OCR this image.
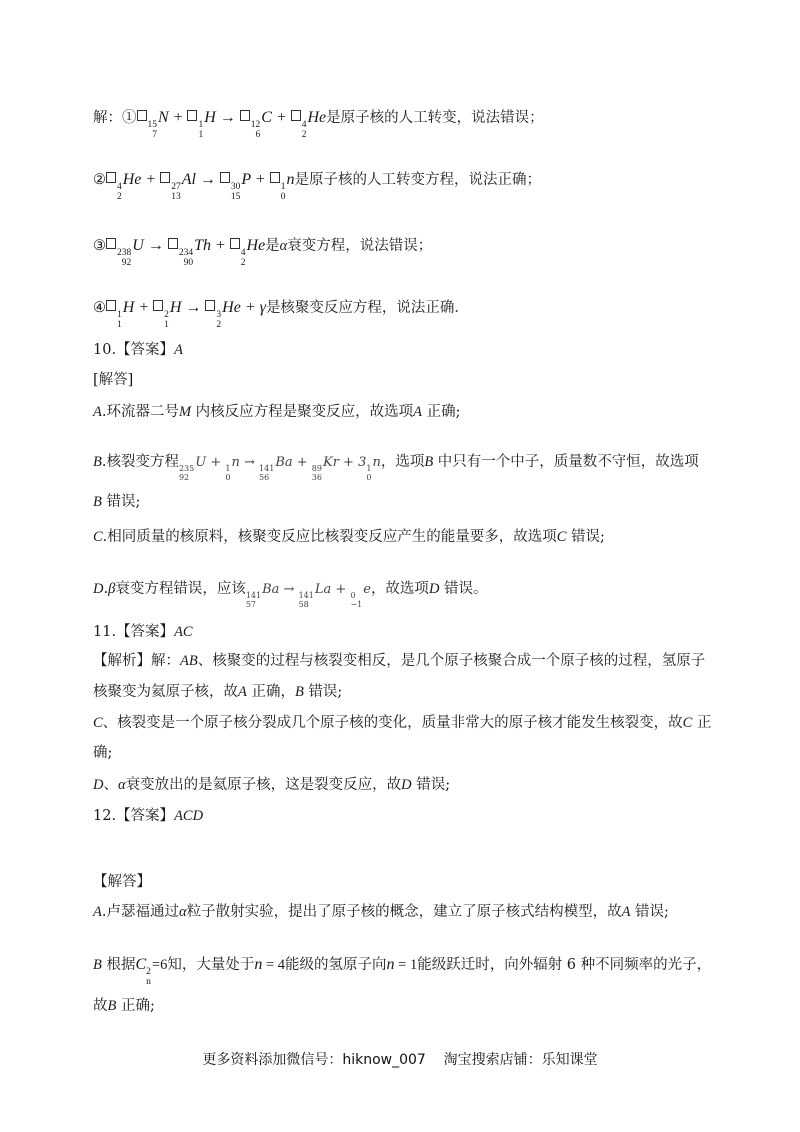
解：① 15
7
N + 1
1
H → 12
6
C + 4
2
He是原子核的人工转变，说法错误；
② 4
2
He + 27
13
Al → 30
15
P + 1
0
n是原子核的人工转变方程，说法正确；
③ 238
92
U → 234
90
Th + 4
2
He是α衰变方程，说法错误；
④ 1
1
H + 2
1
H → 3
2
He + γ是核聚变反应方程，说法正确．
10.【答案】A
[解答]
A.环流器二号M 内核反应方程是聚变反应，故选项A 正确;
B.核裂变方程 235
92
U + 1
0
n → 141
56
Ba + 89
36
Kr + 3 1
0
n，选项B 中只有一个中子，质量数不守恒，故选项
B 错误;
C.相同质量的核原料，核聚变反应比核裂变反应产生的能量要多，故选项C 错误;
D.β衰变方程错误，应该 141
57
Ba → 141
58
La + 0
−1
e，故选项D 错误。
11.【答案】AC
【解析】解：AB、核聚变的过程与核裂变相反，是几个原子核聚合成一个原子核的过程，氢原子
核聚变为氦原子核，故A 正确，B 错误;
C、核裂变是一个原子核分裂成几个原子核的变化，质量非常大的原子核才能发生核裂变，故C 正
确;
D、α衰变放出的是氦原子核，这是裂变反应，故D 错误;
12.【答案】ACD
【解答】
A.卢瑟福通过α粒子散射实验，提出了原子核的概念，建立了原子核式结构模型，故A 错误;
B 根据C 2
n
=6知，大量处于n = 4能级的氢原子向n = 1能级跃迁时，向外辐射 6 种不同频率的光子，
故B 正确;
更多资料添加微信号：hiknow_007    淘宝搜索店铺：乐知课堂
